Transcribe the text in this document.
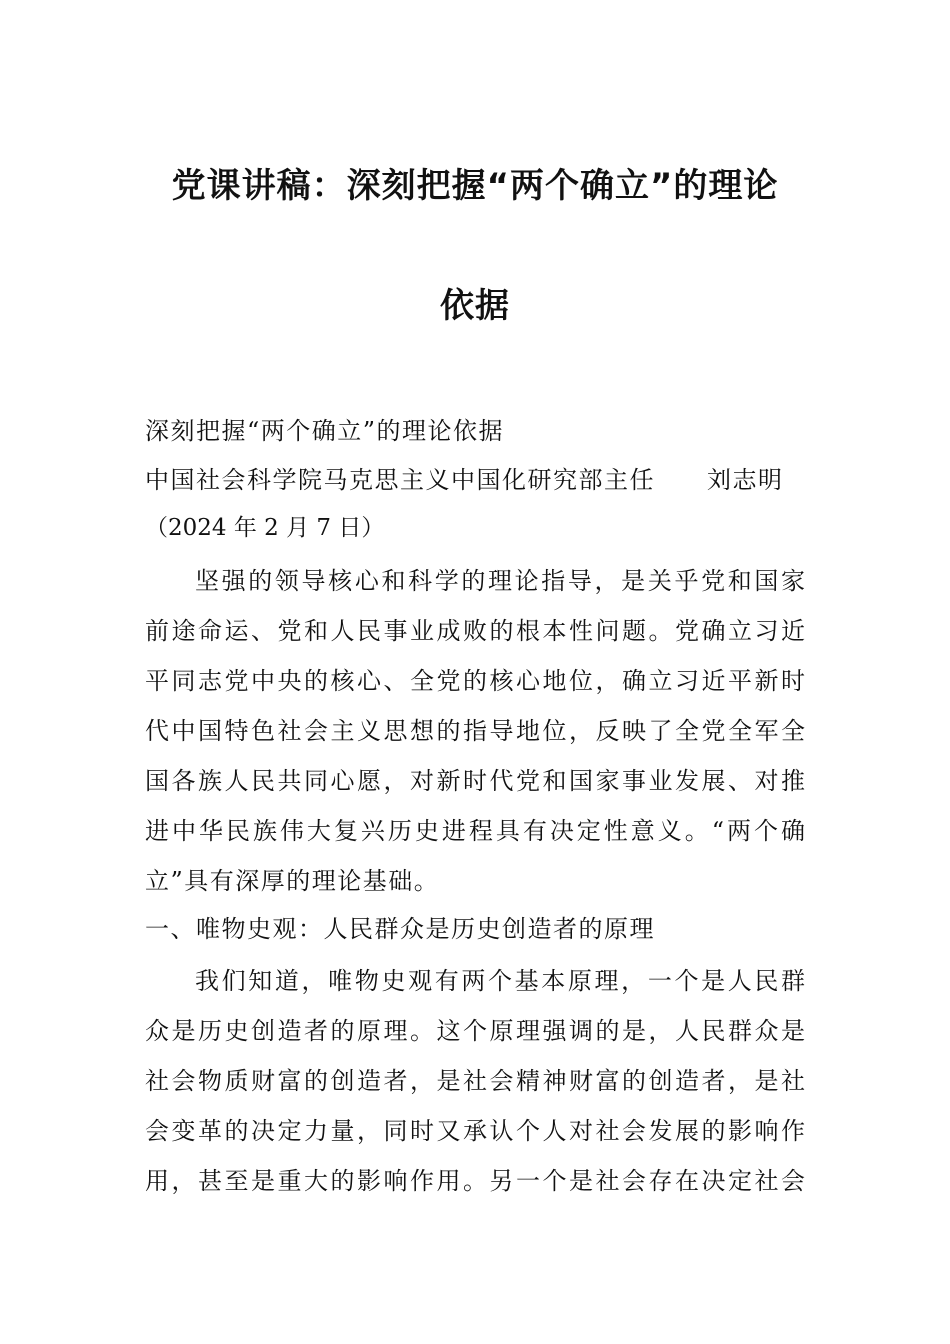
党课讲稿：深刻把握“两个确立”的理论
依据
深刻把握“两个确立”的理论依据
中国社会科学院马克思主义中国化研究部主任 刘志明
（2024 年 2 月 7 日）
坚强的领导核心和科学的理论指导，是关乎党和国家
前途命运、党和人民事业成败的根本性问题。党确立习近
平同志党中央的核心、全党的核心地位，确立习近平新时
代中国特色社会主义思想的指导地位，反映了全党全军全
国各族人民共同心愿，对新时代党和国家事业发展、对推
进中华民族伟大复兴历史进程具有决定性意义。“两个确
立”具有深厚的理论基础。
一、唯物史观：人民群众是历史创造者的原理
我们知道，唯物史观有两个基本原理，一个是人民群
众是历史创造者的原理。这个原理强调的是，人民群众是
社会物质财富的创造者，是社会精神财富的创造者，是社
会变革的决定力量，同时又承认个人对社会发展的影响作
用，甚至是重大的影响作用。另一个是社会存在决定社会
